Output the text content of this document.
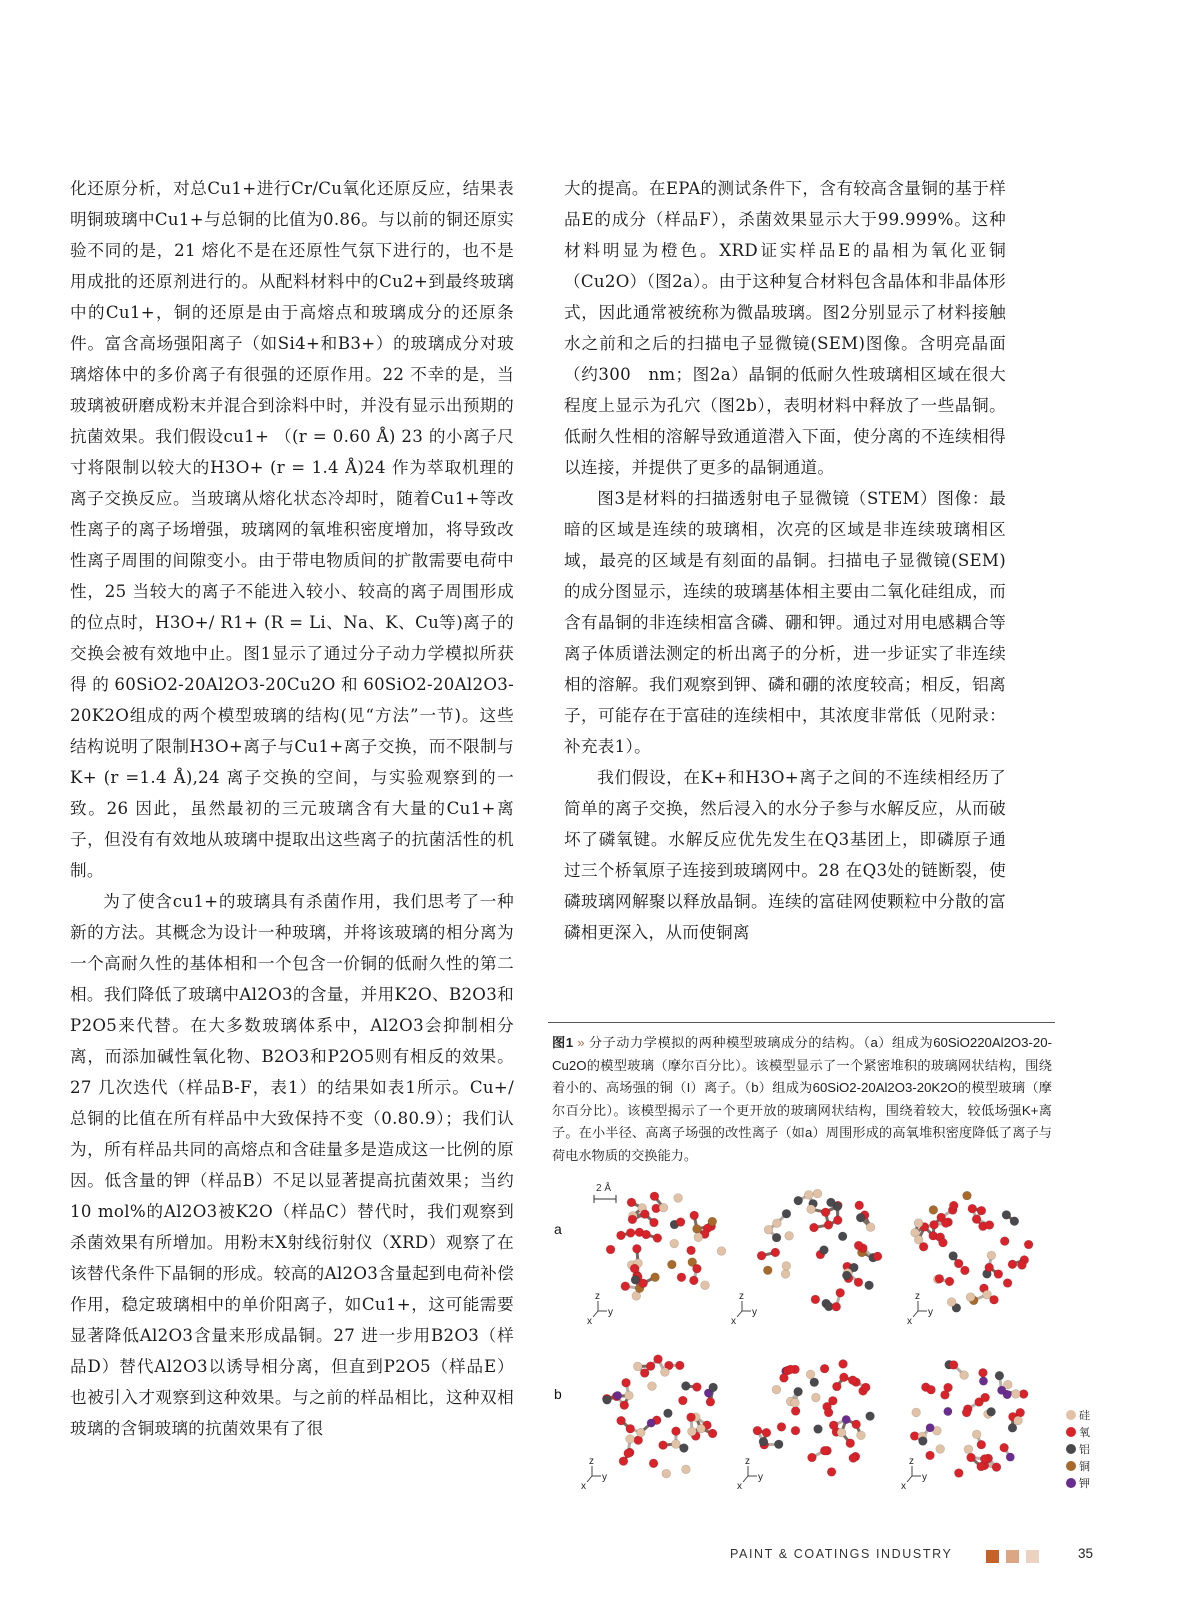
化还原分析，对总Cu1+进行Cr/Cu氧化还原反应，结果表明铜玻璃中Cu1+与总铜的比值为0.86。与以前的铜还原实验不同的是，21 熔化不是在还原性气氛下进行的，也不是用成批的还原剂进行的。从配料材料中的Cu2+到最终玻璃中的Cu1+，铜的还原是由于高熔点和玻璃成分的还原条件。富含高场强阳离子（如Si4+和B3+）的玻璃成分对玻璃熔体中的多价离子有很强的还原作用。22 不幸的是，当玻璃被研磨成粉末并混合到涂料中时，并没有显示出预期的抗菌效果。我们假设cu1+ （(r = 0.60 Å) 23 的小离子尺寸将限制以较大的H3O+ (r = 1.4 Å)24 作为萃取机理的离子交换反应。当玻璃从熔化状态冷却时，随着Cu1+等改性离子的离子场增强，玻璃网的氧堆积密度增加，将导致改性离子周围的间隙变小。由于带电物质间的扩散需要电荷中性，25 当较大的离子不能进入较小、较高的离子周围形成的位点时，H3O+/ R1+ (R = Li、Na、K、Cu等)离子的交换会被有效地中止。图1显示了通过分子动力学模拟所获得的60SiO2-20Al2O3-20Cu2O和60SiO2-20Al2O3-20K2O组成的两个模型玻璃的结构(见“方法”一节)。这些结构说明了限制H3O+离子与Cu1+离子交换，而不限制与 K+ (r =1.4 Å),24 离子交换的空间，与实验观察到的一致。26 因此，虽然最初的三元玻璃含有大量的Cu1+离子，但没有有效地从玻璃中提取出这些离子的抗菌活性的机制。

为了使含cu1+的玻璃具有杀菌作用，我们思考了一种新的方法。其概念为设计一种玻璃，并将该玻璃的相分离为一个高耐久性的基体相和一个包含一价铜的低耐久性的第二相。我们降低了玻璃中Al2O3的含量，并用K2O、B2O3和P2O5来代替。在大多数玻璃体系中，Al2O3会抑制相分离，而添加碱性氧化物、B2O3和P2O5则有相反的效果。27 几次迭代（样品B-F，表1）的结果如表1所示。Cu+/总铜的比值在所有样品中大致保持不变（0.80.9）；我们认为，所有样品共同的高熔点和含硅量多是造成这一比例的原因。低含量的钾（样品B）不足以显著提高抗菌效果；当约10 mol%的Al2O3被K2O（样品C）替代时，我们观察到杀菌效果有所增加。用粉末X射线衍射仪（XRD）观察了在该替代条件下晶铜的形成。较高的Al2O3含量起到电荷补偿作用，稳定玻璃相中的单价阳离子，如Cu1+，这可能需要显著降低Al2O3含量来形成晶铜。27 进一步用B2O3（样品D）替代Al2O3以诱导相分离，但直到P2O5（样品E）也被引入才观察到这种效果。与之前的样品相比，这种双相玻璃的含铜玻璃的抗菌效果有了很

大的提高。在EPA的测试条件下，含有较高含量铜的基于样品E的成分（样品F），杀菌效果显示大于99.999%。这种材料明显为橙色。XRD证实样品E的晶相为氧化亚铜（Cu2O）（图2a）。由于这种复合材料包含晶体和非晶体形式，因此通常被统称为微晶玻璃。图2分别显示了材料接触水之前和之后的扫描电子显微镜(SEM)图像。含明亮晶面（约300　nm；图2a）晶铜的低耐久性玻璃相区域在很大程度上显示为孔穴（图2b），表明材料中释放了一些晶铜。低耐久性相的溶解导致通道潜入下面，使分离的不连续相得以连接，并提供了更多的晶铜通道。

图3是材料的扫描透射电子显微镜（STEM）图像：最暗的区域是连续的玻璃相，次亮的区域是非连续玻璃相区域，最亮的区域是有刻面的晶铜。扫描电子显微镜(SEM)的成分图显示，连续的玻璃基体相主要由二氧化硅组成，而含有晶铜的非连续相富含磷、硼和钾。通过对用电感耦合等离子体质谱法测定的析出离子的分析，进一步证实了非连续相的溶解。我们观察到钾、磷和硼的浓度较高；相反，铝离子，可能存在于富硅的连续相中，其浓度非常低（见附录：补充表1）。

我们假设，在K+和H3O+离子之间的不连续相经历了简单的离子交换，然后浸入的水分子参与水解反应，从而破坏了磷氧键。水解反应优先发生在Q3基团上，即磷原子通过三个桥氧原子连接到玻璃网中。28 在Q3处的链断裂，使磷玻璃网解聚以释放晶铜。连续的富硅网使颗粒中分散的富磷相更深入，从而使铜离

图1 » 分子动力学模拟的两种模型玻璃成分的结构。（a）组成为60SiO220Al2O3-20-Cu2O的模型玻璃（摩尔百分比）。该模型显示了一个紧密堆积的玻璃网状结构，围绕着小的、高场强的铜（I）离子。（b）组成为60SiO2-20Al2O3-20K2O的模型玻璃（摩尔百分比）。该模型揭示了一个更开放的玻璃网状结构，围绕着较大，较低场强K+离子。在小半径、高离子场强的改性离子（如a）周围形成的高氧堆积密度降低了离子与荷电水物质的交换能力。
2 Å
a
b
z
y
x
z
y
x
z
y
x
z
y
x
z
y
x
z
y
x
硅
氧
铝
铜
钾
PAINT & COATINGS INDUSTRY	35
